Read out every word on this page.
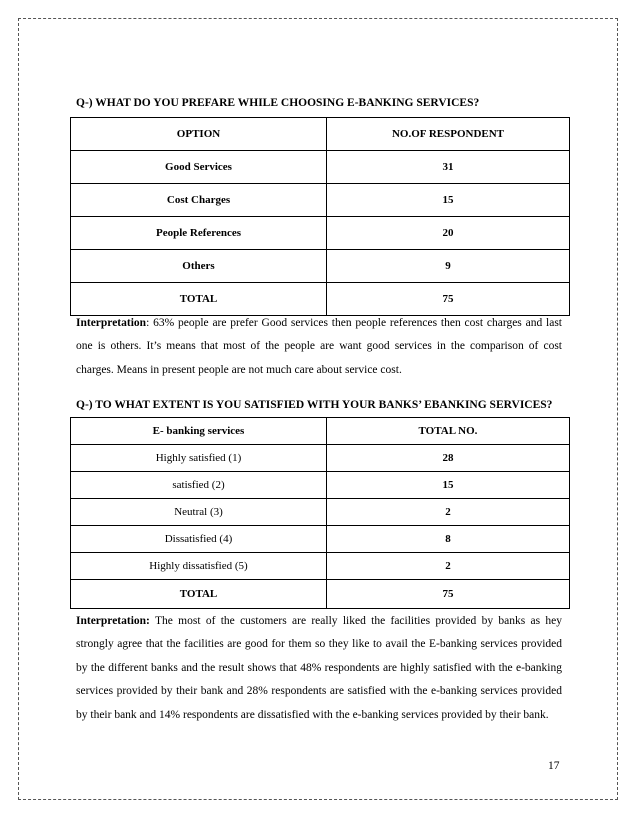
Q-) WHAT DO YOU PREFARE WHILE CHOOSING E-BANKING SERVICES?
OPTION	NO.OF RESPONDENT
Good Services	31
Cost Charges	15
People References	20
Others	9
TOTAL	75

Interpretation: 63% people are prefer Good services then people references then cost charges and last one is others. It’s means that most of the people are want good services in the comparison of cost charges. Means in present people are not much care about service cost.

Q-) TO WHAT EXTENT IS YOU SATISFIED WITH YOUR BANKS’ EBANKING SERVICES?
E- banking services	TOTAL NO.
Highly satisfied (1)	28
satisfied (2)	15
Neutral (3)	2
Dissatisfied (4)	8
Highly dissatisfied (5)	2
TOTAL	75

Interpretation: The most of the customers are really liked the facilities provided by banks as hey strongly agree that the facilities are good for them so they like to avail the E-banking services provided by the different banks and the result shows that 48% respondents are highly satisfied with the e-banking services provided by their bank and 28% respondents are satisfied with the e-banking services provided by their bank and 14% respondents are dissatisfied with the e-banking services provided by their bank.

17
